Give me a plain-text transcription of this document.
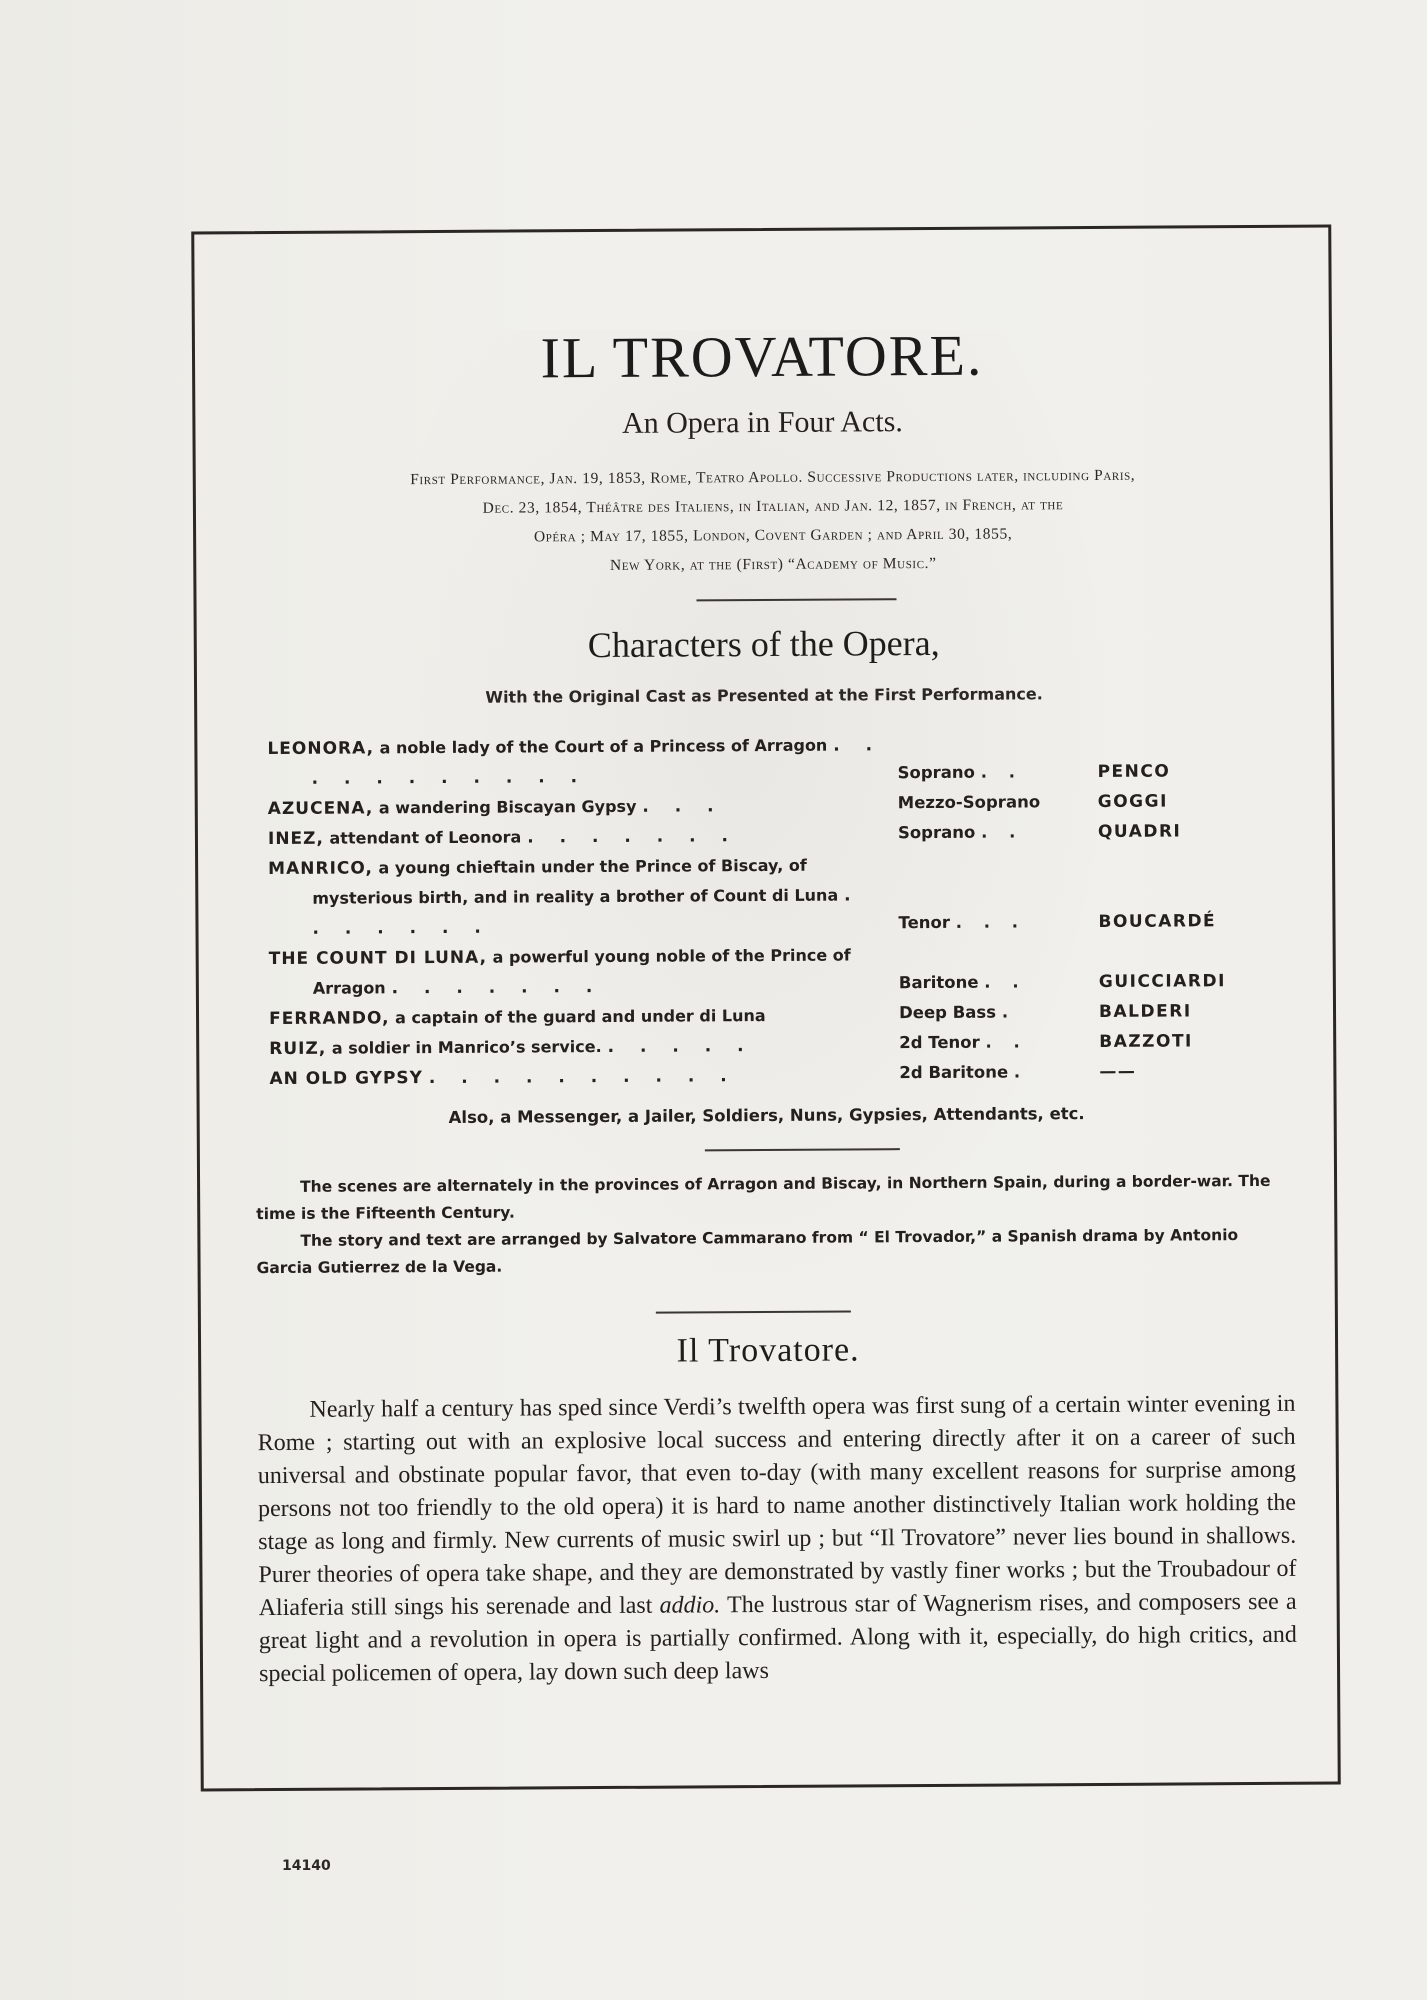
IL TROVATORE.
An Opera in Four Acts.
First Performance, Jan. 19, 1853, Rome, Teatro Apollo. Successive Productions later, including Paris,
Dec. 23, 1854, Théâtre des Italiens, in Italian, and Jan. 12, 1857, in French, at the
Opéra ; May 17, 1855, London, Covent Garden ; and April 30, 1855,
New York, at the (First) “Academy of Music.”
Characters of the Opera,
With the Original Cast as Presented at the First Performance.
LEONORA, a noble lady of the Court of a Princess of Arragon . . . . . . . . . . .	Soprano . .	PENCO
AZUCENA, a wandering Biscayan Gypsy . . .	Mezzo-Soprano	GOGGI
INEZ, attendant of Leonora . . . . . . .	Soprano . .	QUADRI
MANRICO, a young chieftain under the Prince of Biscay, of mysterious birth, and in reality a brother of Count di Luna . . . . . . .	Tenor . . .	BOUCARDÉ
THE COUNT DI LUNA, a powerful young noble of the Prince of Arragon . . . . . . .	Baritone . .	GUICCIARDI
FERRANDO, a captain of the guard and under di Luna	Deep Bass .	BALDERI
RUIZ, a soldier in Manrico’s service. . . . . .	2d Tenor . .	BAZZOTI
AN OLD GYPSY . . . . . . . . . .	2d Baritone .	——
Also, a Messenger, a Jailer, Soldiers, Nuns, Gypsies, Attendants, etc.

The scenes are alternately in the provinces of Arragon and Biscay, in Northern Spain, during a border-war. The time is the Fifteenth Century.

The story and text are arranged by Salvatore Cammarano from “ El Trovador,” a Spanish drama by Antonio Garcia Gutierrez de la Vega.

Il Trovatore.

Nearly half a century has sped since Verdi’s twelfth opera was first sung of a certain winter evening in Rome ; starting out with an explosive local success and entering directly after it on a career of such universal and obstinate popular favor, that even to-day (with many excellent reasons for surprise among persons not too friendly to the old opera) it is hard to name another distinctively Italian work holding the stage as long and firmly. New currents of music swirl up ; but “Il Trovatore” never lies bound in shallows. Purer theories of opera take shape, and they are demonstrated by vastly finer works ; but the Troubadour of Aliaferia still sings his serenade and last addio. The lustrous star of Wagnerism rises, and composers see a great light and a revolution in opera is partially confirmed. Along with it, especially, do high critics, and special policemen of opera, lay down such deep laws

14140
